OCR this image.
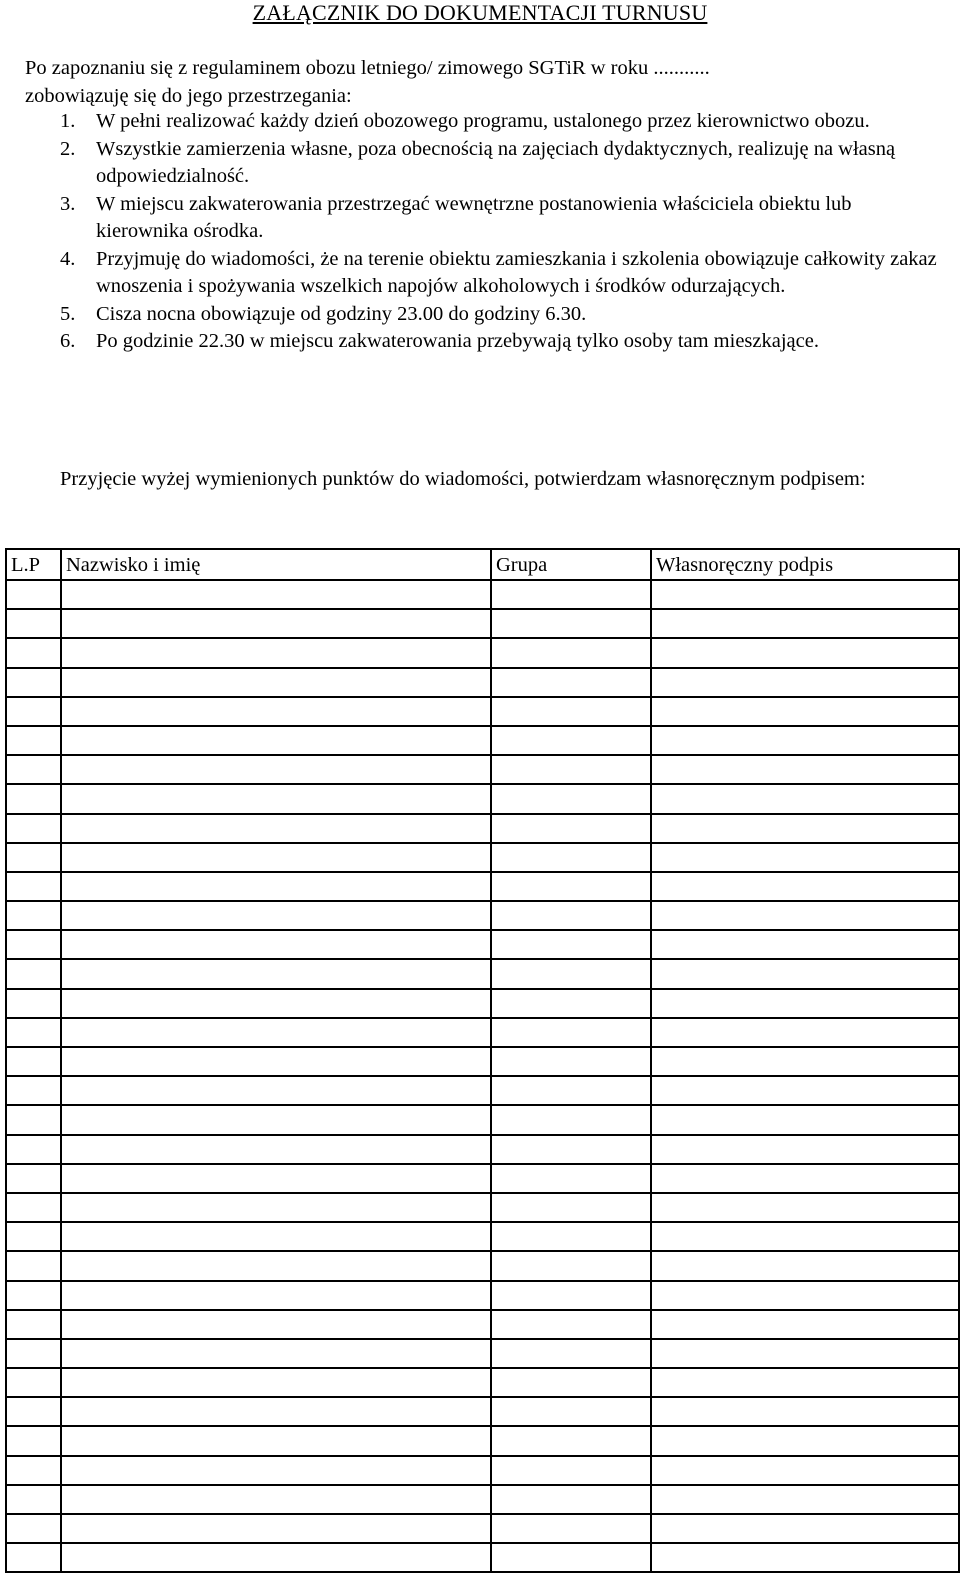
ZAŁĄCZNIK DO DOKUMENTACJI TURNUSU
Po zapoznaniu się z regulaminem obozu letniego/ zimowego SGTiR w roku ...........
zobowiązuję się do jego przestrzegania:
1. W pełni realizować każdy dzień obozowego programu, ustalonego przez kierownictwo obozu.
2. Wszystkie zamierzenia własne, poza obecnością na zajęciach dydaktycznych, realizuję na własną odpowiedzialność.
3. W miejscu zakwaterowania przestrzegać wewnętrzne postanowienia właściciela obiektu lub kierownika ośrodka.
4. Przyjmuję do wiadomości, że na terenie obiektu zamieszkania i szkolenia obowiązuje całkowity zakaz wnoszenia i spożywania wszelkich napojów alkoholowych i środków odurzających.
5. Cisza nocna obowiązuje od godziny 23.00 do godziny 6.30.
6. Po godzinie 22.30 w miejscu zakwaterowania przebywają tylko osoby tam mieszkające.
Przyjęcie wyżej wymienionych punktów do wiadomości, potwierdzam własnoręcznym podpisem:
L.P	Nazwisko i imię	Grupa	Własnoręczny podpis
